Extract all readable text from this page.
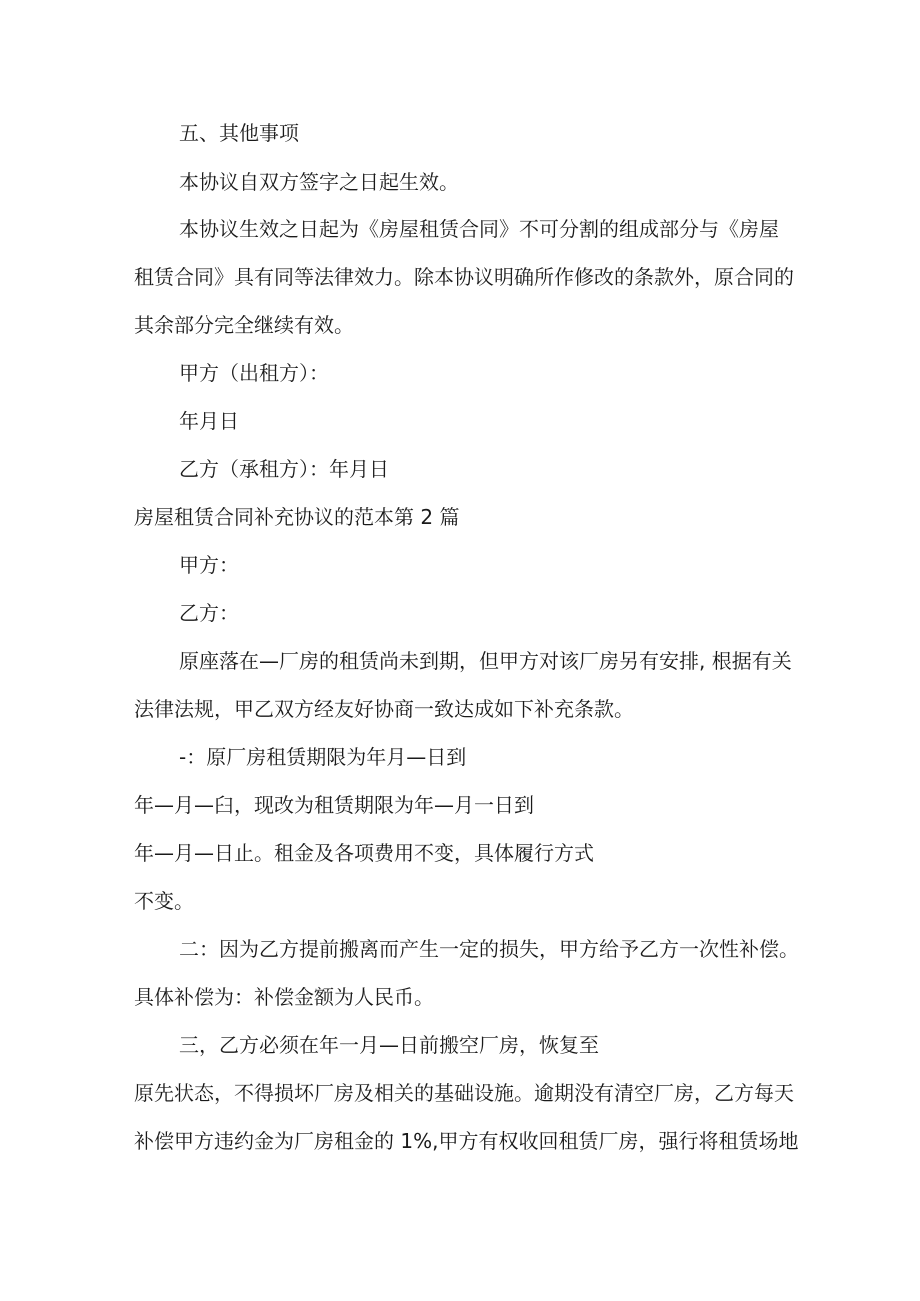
五、其他事项

本协议自双方签字之日起生效。

本协议生效之日起为《房屋租赁合同》不可分割的组成部分与《房屋

租赁合同》具有同等法律效力。除本协议明确所作修改的条款外，原合同的

其余部分完全继续有效。

甲方（出租方）：

年月日

乙方（承租方）：年月日

房屋租赁合同补充协议的范本第 2 篇

甲方：

乙方：

原座落在—厂房的租赁尚未到期，但甲方对该厂房另有安排, 根据有关

法律法规，甲乙双方经友好协商一致达成如下补充条款。

-：原厂房租赁期限为年月—日到

年—月—臼，现改为租赁期限为年—月一日到

年—月—日止。租金及各项费用不变，具体履行方式

不变。

二：因为乙方提前搬离而产生一定的损失，甲方给予乙方一次性补偿。

具体补偿为：补偿金额为人民币。

三，乙方必须在年一月—日前搬空厂房，恢复至

原先状态，不得损坏厂房及相关的基础设施。逾期没有清空厂房，乙方每天

补偿甲方违约金为厂房租金的 1%,甲方有权收回租赁厂房，强行将租赁场地
